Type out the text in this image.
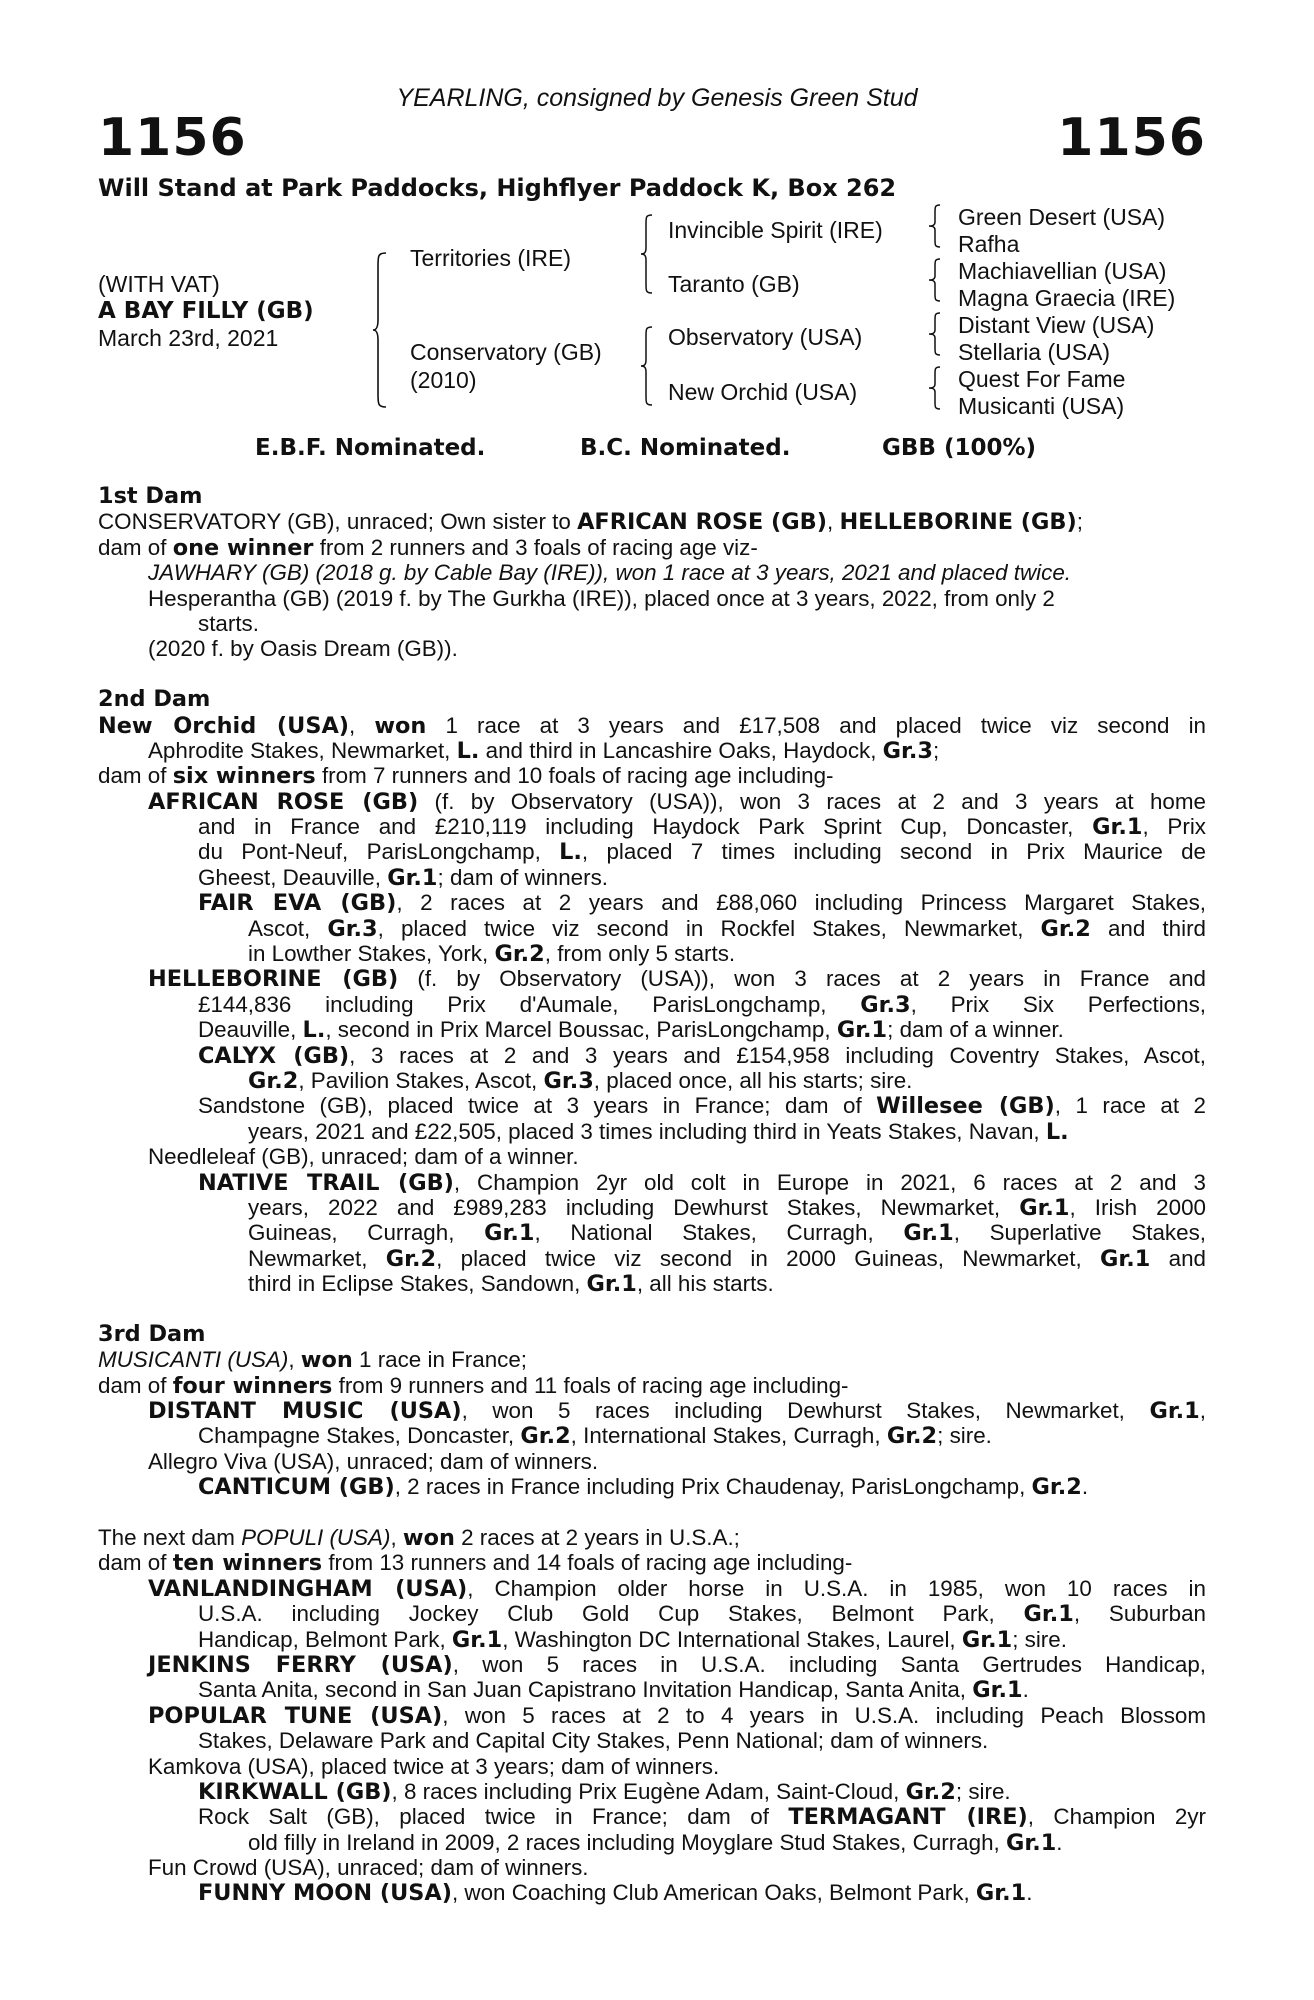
YEARLING, consigned by Genesis Green Stud
1156	1156
Will Stand at Park Paddocks, Highflyer Paddock K, Box 262
(WITH VAT)
A BAY FILLY (GB)
March 23rd, 2021
Territories (IRE)
Conservatory (GB)
(2010)
Invincible Spirit (IRE)
Taranto (GB)
Observatory (USA)
New Orchid (USA)
Green Desert (USA)
Rafha
Machiavellian (USA)
Magna Graecia (IRE)
Distant View (USA)
Stellaria (USA)
Quest For Fame
Musicanti (USA)
E.B.F. Nominated.	B.C. Nominated.	GBB (100%)
1st Dam
CONSERVATORY (GB), unraced; Own sister to AFRICAN ROSE (GB), HELLEBORINE (GB);
dam of one winner from 2 runners and 3 foals of racing age viz-
JAWHARY (GB) (2018 g. by Cable Bay (IRE)), won 1 race at 3 years, 2021 and placed twice.
Hesperantha (GB) (2019 f. by The Gurkha (IRE)), placed once at 3 years, 2022, from only 2
starts.
(2020 f. by Oasis Dream (GB)).
2nd Dam
New Orchid (USA), won 1 race at 3 years and £17,508 and placed twice viz second in
Aphrodite Stakes, Newmarket, L. and third in Lancashire Oaks, Haydock, Gr.3;
dam of six winners from 7 runners and 10 foals of racing age including-
AFRICAN ROSE (GB) (f. by Observatory (USA)), won 3 races at 2 and 3 years at home
and in France and £210,119 including Haydock Park Sprint Cup, Doncaster, Gr.1, Prix
du Pont-Neuf, ParisLongchamp, L., placed 7 times including second in Prix Maurice de
Gheest, Deauville, Gr.1; dam of winners.
FAIR EVA (GB), 2 races at 2 years and £88,060 including Princess Margaret Stakes,
Ascot, Gr.3, placed twice viz second in Rockfel Stakes, Newmarket, Gr.2 and third
in Lowther Stakes, York, Gr.2, from only 5 starts.
HELLEBORINE (GB) (f. by Observatory (USA)), won 3 races at 2 years in France and
£144,836 including Prix d'Aumale, ParisLongchamp, Gr.3, Prix Six Perfections,
Deauville, L., second in Prix Marcel Boussac, ParisLongchamp, Gr.1; dam of a winner.
CALYX (GB), 3 races at 2 and 3 years and £154,958 including Coventry Stakes, Ascot,
Gr.2, Pavilion Stakes, Ascot, Gr.3, placed once, all his starts; sire.
Sandstone (GB), placed twice at 3 years in France; dam of Willesee (GB), 1 race at 2
years, 2021 and £22,505, placed 3 times including third in Yeats Stakes, Navan, L.
Needleleaf (GB), unraced; dam of a winner.
NATIVE TRAIL (GB), Champion 2yr old colt in Europe in 2021, 6 races at 2 and 3
years, 2022 and £989,283 including Dewhurst Stakes, Newmarket, Gr.1, Irish 2000
Guineas, Curragh, Gr.1, National Stakes, Curragh, Gr.1, Superlative Stakes,
Newmarket, Gr.2, placed twice viz second in 2000 Guineas, Newmarket, Gr.1 and
third in Eclipse Stakes, Sandown, Gr.1, all his starts.
3rd Dam
MUSICANTI (USA), won 1 race in France;
dam of four winners from 9 runners and 11 foals of racing age including-
DISTANT MUSIC (USA), won 5 races including Dewhurst Stakes, Newmarket, Gr.1,
Champagne Stakes, Doncaster, Gr.2, International Stakes, Curragh, Gr.2; sire.
Allegro Viva (USA), unraced; dam of winners.
CANTICUM (GB), 2 races in France including Prix Chaudenay, ParisLongchamp, Gr.2.
The next dam POPULI (USA), won 2 races at 2 years in U.S.A.;
dam of ten winners from 13 runners and 14 foals of racing age including-
VANLANDINGHAM (USA), Champion older horse in U.S.A. in 1985, won 10 races in
U.S.A. including Jockey Club Gold Cup Stakes, Belmont Park, Gr.1, Suburban
Handicap, Belmont Park, Gr.1, Washington DC International Stakes, Laurel, Gr.1; sire.
JENKINS FERRY (USA), won 5 races in U.S.A. including Santa Gertrudes Handicap,
Santa Anita, second in San Juan Capistrano Invitation Handicap, Santa Anita, Gr.1.
POPULAR TUNE (USA), won 5 races at 2 to 4 years in U.S.A. including Peach Blossom
Stakes, Delaware Park and Capital City Stakes, Penn National; dam of winners.
Kamkova (USA), placed twice at 3 years; dam of winners.
KIRKWALL (GB), 8 races including Prix Eugène Adam, Saint-Cloud, Gr.2; sire.
Rock Salt (GB), placed twice in France; dam of TERMAGANT (IRE), Champion 2yr
old filly in Ireland in 2009, 2 races including Moyglare Stud Stakes, Curragh, Gr.1.
Fun Crowd (USA), unraced; dam of winners.
FUNNY MOON (USA), won Coaching Club American Oaks, Belmont Park, Gr.1.
